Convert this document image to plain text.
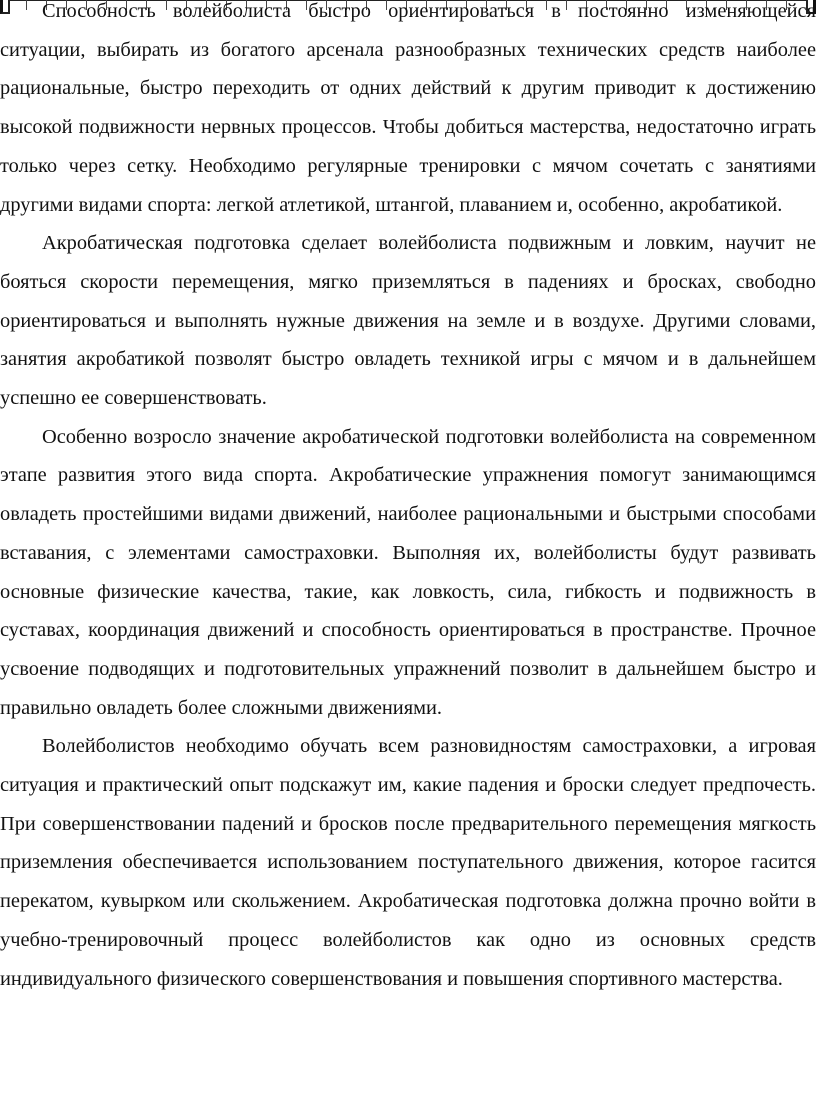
Способность волейболиста быстро ориентироваться в постоянно изменяющейся ситуации, выбирать из богатого арсенала разнообразных технических средств наиболее рациональные, быстро переходить от одних действий к другим приводит к достижению высокой подвижности нервных процессов. Чтобы добиться мастерства, недостаточно играть только через сетку. Необходимо регулярные тренировки с мячом сочетать с занятиями другими видами спорта: легкой атлетикой, штангой, плаванием и, особенно, акробатикой.

Акробатическая подготовка сделает волейболиста подвижным и ловким, научит не бояться скорости перемещения, мягко приземляться в падениях и бросках, свободно ориентироваться и выполнять нужные движения на земле и в воздухе. Другими словами, занятия акробатикой позволят быстро овладеть техникой игры с мячом и в дальнейшем успешно ее совершенствовать.

Особенно возросло значение акробатической подготовки волейболиста на современном этапе развития этого вида спорта. Акробатические упражнения помогут занимающимся овладеть простейшими видами движений, наиболее рациональными и быстрыми способами вставания, с элементами самостраховки. Выполняя их, волейболисты будут развивать основные физические качества, такие, как ловкость, сила, гибкость и подвижность в суставах, координация движений и способность ориентироваться в пространстве. Прочное усвоение подводящих и подготовительных упражнений позволит в дальнейшем быстро и правильно овладеть более сложными движениями.

Волейболистов необходимо обучать всем разновидностям самостраховки, а игровая ситуация и практический опыт подскажут им, какие падения и броски следует предпочесть. При совершенствовании падений и бросков после предварительного перемещения мягкость приземления обеспечивается использованием поступательного движения, которое гасится перекатом, кувырком или скольжением. Акробатическая подготовка должна прочно войти в учебно-тренировочный процесс волейболистов как одно из основных средств индивидуального физического совершенствования и повышения спортивного мастерства.
